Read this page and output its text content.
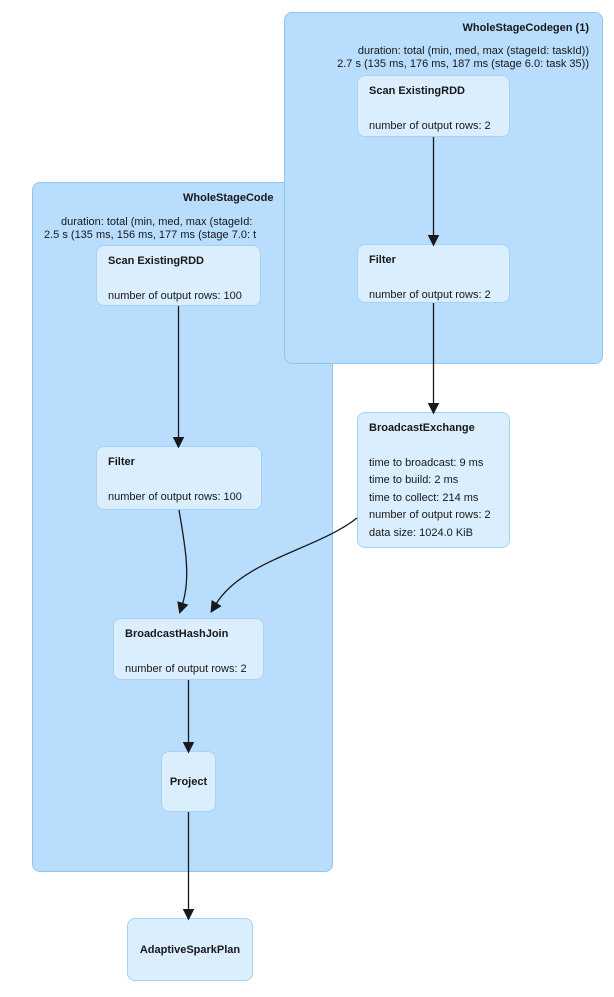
WholeStageCode
duration: total (min, med, max (stageId:
2.5 s (135 ms, 156 ms, 177 ms (stage 7.0: t
WholeStageCodegen (1)
duration: total (min, med, max (stageId: taskId))
2.7 s (135 ms, 176 ms, 187 ms (stage 6.0: task 35))
Scan ExistingRDD
number of output rows: 2
Filter
number of output rows: 2
BroadcastExchange
time to broadcast: 9 ms
time to build: 2 ms
time to collect: 214 ms
number of output rows: 2
data size: 1024.0 KiB
Scan ExistingRDD
number of output rows: 100
Filter
number of output rows: 100
BroadcastHashJoin
number of output rows: 2
Project
AdaptiveSparkPlan
